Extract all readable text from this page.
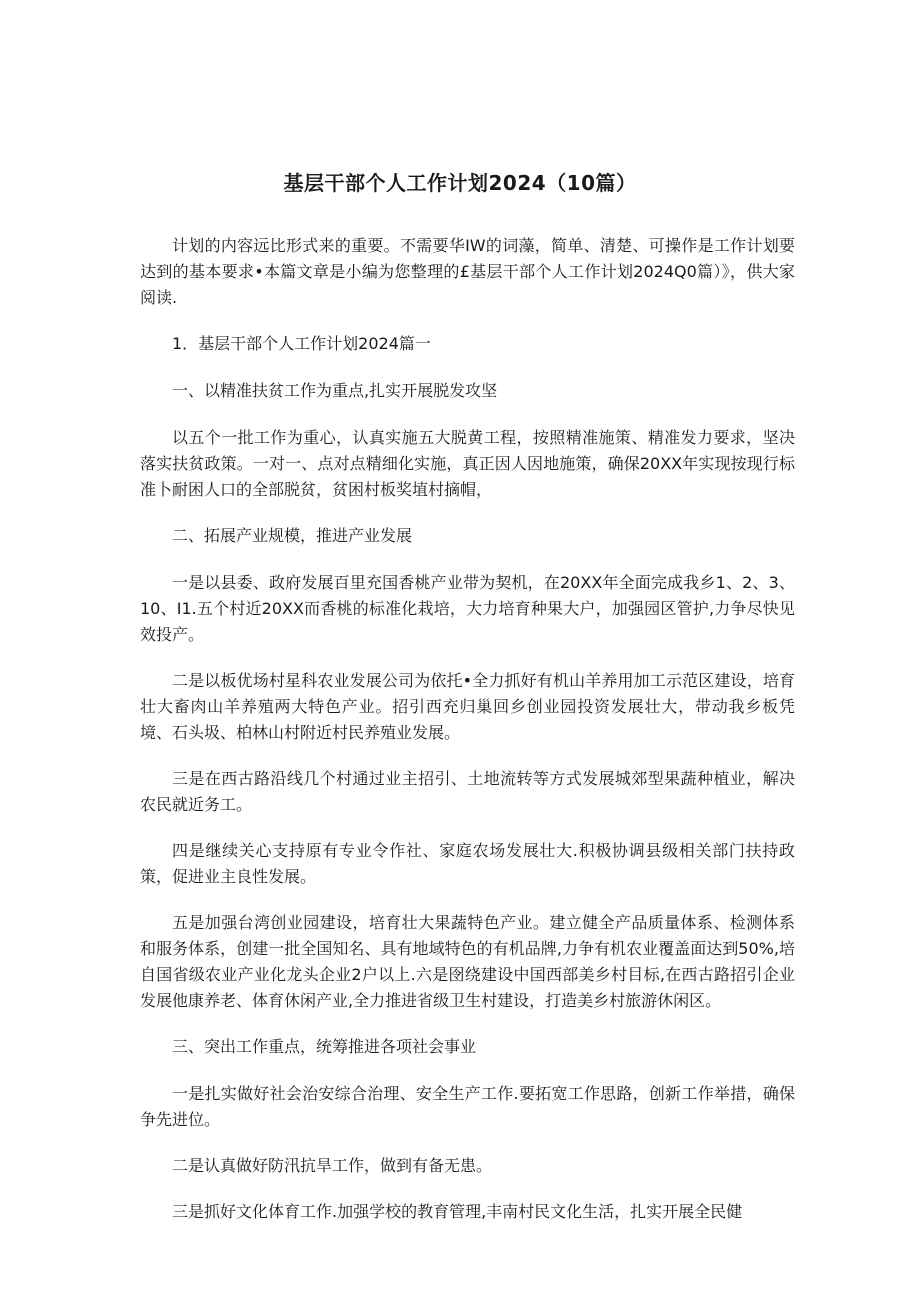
基层干部个人工作计划2024（10篇）

计划的内容远比形式来的重要。不需要华IW的词藻，简单、清楚、可操作是工作计划要达到的基本要求•本篇文章是小编为您整理的£基层干部个人工作计划2024Q0篇）》，供大家阅读.

1．基层干部个人工作计划2024篇一

一、以精准扶贫工作为重点,扎实开展脱发攻坚

以五个一批工作为重心，认真实施五大脱黄工程，按照精准施策、精准发力要求，坚决落实扶贫政策。一对一、点对点精细化实施，真正因人因地施策，确保20XX年实现按现行标准卜耐困人口的全部脱贫，贫困村板奖埴村摘帽，

二、拓展产业规模，推进产业发展

一是以县委、政府发展百里充国香桃产业带为契机，在20XX年全面完成我乡1、2、3、10、I1.五个村近20XX而香桃的标准化栽培，大力培育种果大户，加强园区管护,力争尽快见效投产。

二是以板优场村星科农业发展公司为依托•全力抓好有机山羊养用加工示范区建设，培育壮大畜肉山羊养殖两大特色产业。招引西充归巢回乡创业园投资发展壮大，带动我乡板凭境、石头圾、柏林山村附近村民养殖业发展。

三是在西古路沿线几个村通过业主招引、土地流转等方式发展城郊型果蔬种植业，解决农民就近务工。

四是继续关心支持原有专业令作社、家庭农场发展壮大.积极协调县级相关部门扶持政策，促进业主良性发展。

五是加强台湾创业园建设，培育壮大果蔬特色产业。建立健全产品质量体系、检测体系和服务体系，创建一批全国知名、具有地域特色的有机品牌,力争有机农业覆盖面达到50%,培自国省级农业产业化龙头企业2户以上.六是囹绕建设中国西部美乡村目标,在西古路招引企业发展他康养老、体育休闲产业,全力推进省级卫生村建设，打造美乡村旅游休闲区。

三、突出工作重点，统筹推进各项社会事业

一是扎实做好社会治安综合治理、安全生产工作.要拓宽工作思路，创新工作举措，确保争先进位。

二是认真做好防汛抗旱工作，做到有备无患。

三是抓好文化体育工作.加强学校的教育管理,丰南村民文化生活，扎实开展全民健
